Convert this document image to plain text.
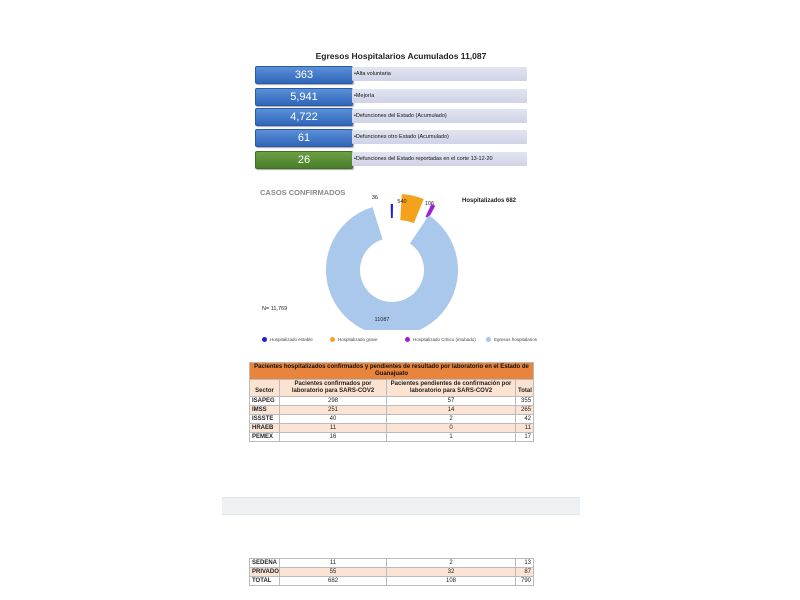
Egresos Hospitalarios Acumulados 11,087
363	•Alta voluntaria
5,941	•Mejoría
4,722	•Defunciones del Estado (Acumulado)
61	•Defunciones otro Estado (Acumulado)
26	•Defunciones del Estado reportadas en el corte 13-12-20
CASOS CONFIRMADOS
36
540	106
11087
Hospitalizados 682
N= 11,769
Hospitalizado estable	Hospitalizado grave	Hospitalizado Crítico (intubado)	Egresos hospitalarios
Pacientes hospitalizados confirmados y pendientes de resultado por laboratorio en el Estado de Guanajuato			
Sector	Pacientes confirmados por laboratorio para SARS-COV2	Pacientes pendientes de confirmación por laboratorio para SARS-COV2	Total
ISAPEG	298	57	355
IMSS	251	14	265
ISSSTE	40	2	42
HRAEB	11	0	11
PEMEX	16	1	17
SEDENA	11	2	13
PRIVADO	55	32	87
TOTAL	682	108	790
